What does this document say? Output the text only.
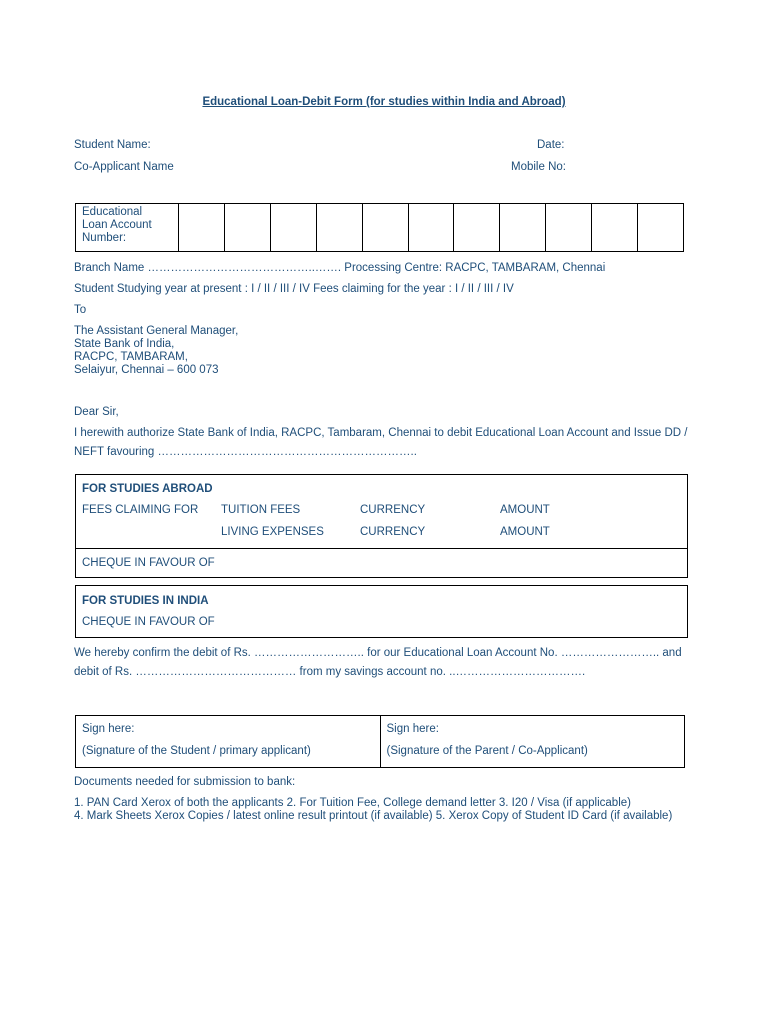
Educational Loan-Debit Form (for studies within India and Abroad)
Student Name:	Date:
Co-Applicant Name	Mobile No:
Educational
Loan Account
Number:

Branch Name ……………………………………..……. Processing Centre: RACPC, TAMBARAM, Chennai
Student Studying year at present : I / II / III / IV Fees claiming for the year : I / II / III / IV
To
The Assistant General Manager,
State Bank of India,
RACPC, TAMBARAM,
Selaiyur, Chennai – 600 073
Dear Sir,
I herewith authorize State Bank of India, RACPC, Tambaram, Chennai to debit Educational Loan Account and Issue DD /
NEFT favouring …………………………………………………………..
FOR STUDIES ABROAD
FEES CLAIMING FOR TUITION FEES	CURRENCY	AMOUNT
LIVING EXPENSES	CURRENCY	AMOUNT
CHEQUE IN FAVOUR OF
FOR STUDIES IN INDIA
CHEQUE IN FAVOUR OF
We hereby confirm the debit of Rs. ……………………….. for our Educational Loan Account No. …………………….. and
debit of Rs. …………………………………… from my savings account no. ..…………………………….
Sign here:
(Signature of the Student / primary applicant)

Sign here:
(Signature of the Parent / Co-Applicant)
Documents needed for submission to bank:
1. PAN Card Xerox of both the applicants 2. For Tuition Fee, College demand letter 3. I20 / Visa (if applicable)
4. Mark Sheets Xerox Copies / latest online result printout (if available) 5. Xerox Copy of Student ID Card (if available)
